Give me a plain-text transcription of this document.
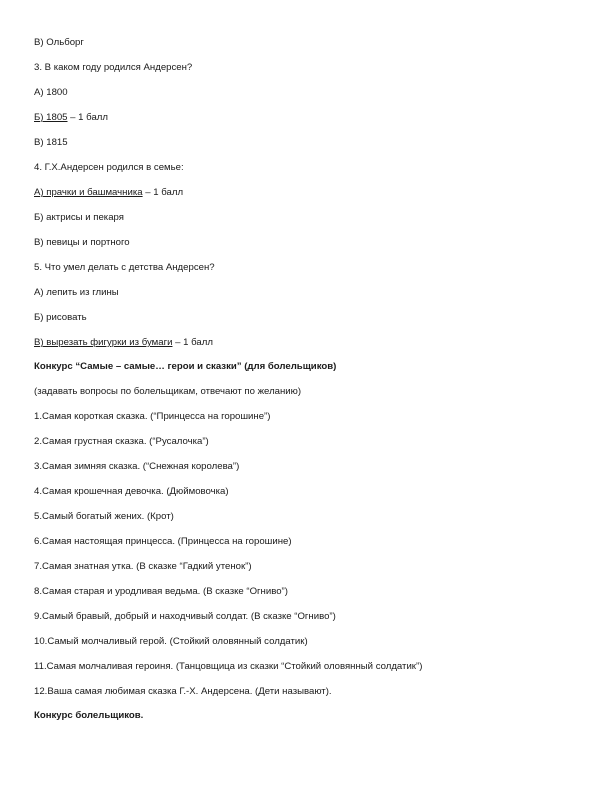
В) Ольборг
3. В каком году родился Андерсен?
А) 1800
Б) 1805 – 1 балл
В) 1815
4. Г.Х.Андерсен родился в семье:
А) прачки и башмачника – 1 балл
Б) актрисы и пекаря
В) певицы и портного
5. Что умел делать с детства Андерсен?
А) лепить из глины
Б) рисовать
В) вырезать фигурки из бумаги – 1 балл
Конкурс “Самые – самые… герои и сказки” (для болельщиков)
(задавать вопросы по болельщикам, отвечают по желанию)
1.Самая короткая сказка. (“Принцесса на горошине”)
2.Самая грустная сказка. (“Русалочка”)
3.Самая зимняя сказка. (“Снежная королева”)
4.Самая крошечная девочка. (Дюймовочка)
5.Самый богатый жених. (Крот)
6.Самая настоящая принцесса. (Принцесса на горошине)
7.Самая знатная утка. (В сказке “Гадкий утенок”)
8.Самая старая и уродливая ведьма. (В сказке “Огниво”)
9.Самый бравый, добрый и находчивый солдат. (В сказке “Огниво”)
10.Самый молчаливый герой. (Стойкий оловянный солдатик)
11.Самая молчаливая героиня. (Танцовщица из сказки “Стойкий оловянный солдатик”)
12.Ваша самая любимая сказка Г.-Х. Андерсена. (Дети называют).
Конкурс болельщиков.
